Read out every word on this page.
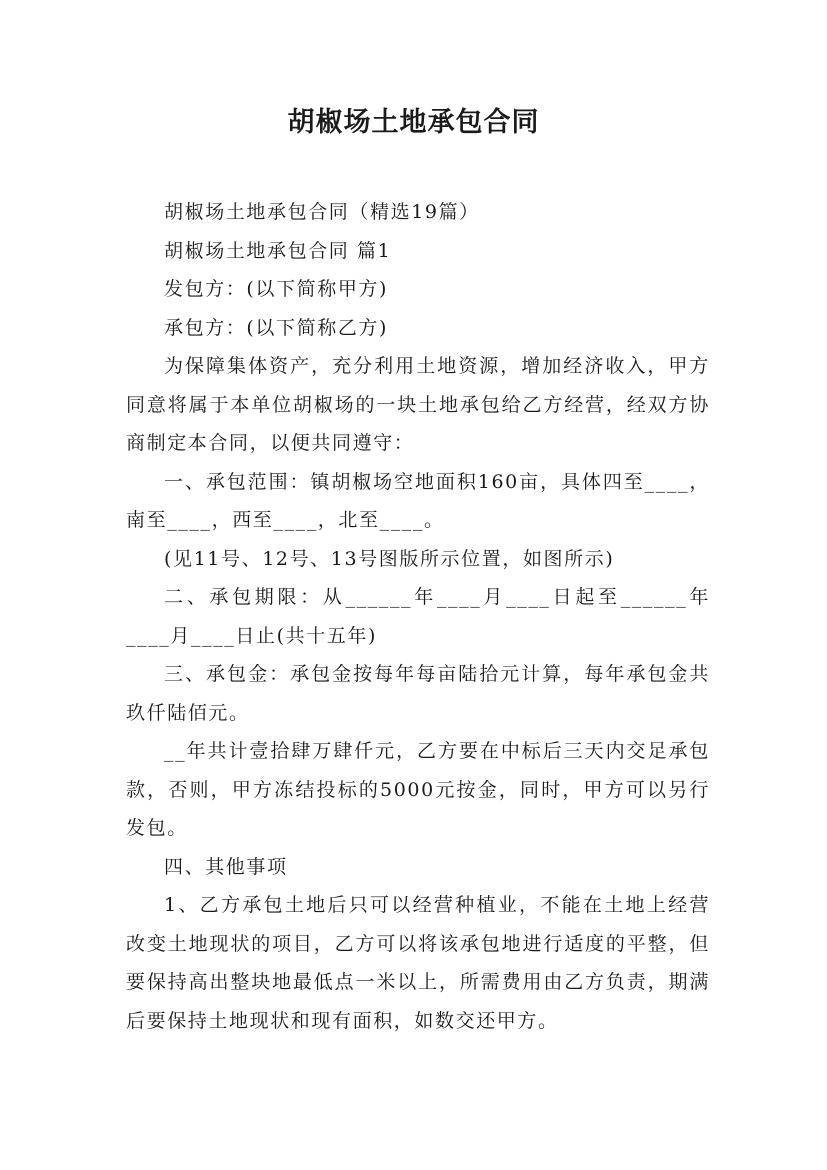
胡椒场土地承包合同

胡椒场土地承包合同（精选19篇）

胡椒场土地承包合同 篇1

发包方：(以下简称甲方)

承包方：(以下简称乙方)

为保障集体资产，充分利用土地资源，增加经济收入，甲方同意将属于本单位胡椒场的一块土地承包给乙方经营，经双方协商制定本合同，以便共同遵守：

一、承包范围：镇胡椒场空地面积160亩，具体四至____，南至____，西至____，北至____。

(见11号、12号、13号图版所示位置，如图所示)

二、承包期限：从______年____月____日起至______年____月____日止(共十五年)

三、承包金：承包金按每年每亩陆拾元计算，每年承包金共玖仟陆佰元。

__年共计壹拾肆万肆仟元，乙方要在中标后三天内交足承包款，否则，甲方冻结投标的5000元按金，同时，甲方可以另行发包。

四、其他事项

1、乙方承包土地后只可以经营种植业，不能在土地上经营改变土地现状的项目，乙方可以将该承包地进行适度的平整，但要保持高出整块地最低点一米以上，所需费用由乙方负责，期满后要保持土地现状和现有面积，如数交还甲方。
